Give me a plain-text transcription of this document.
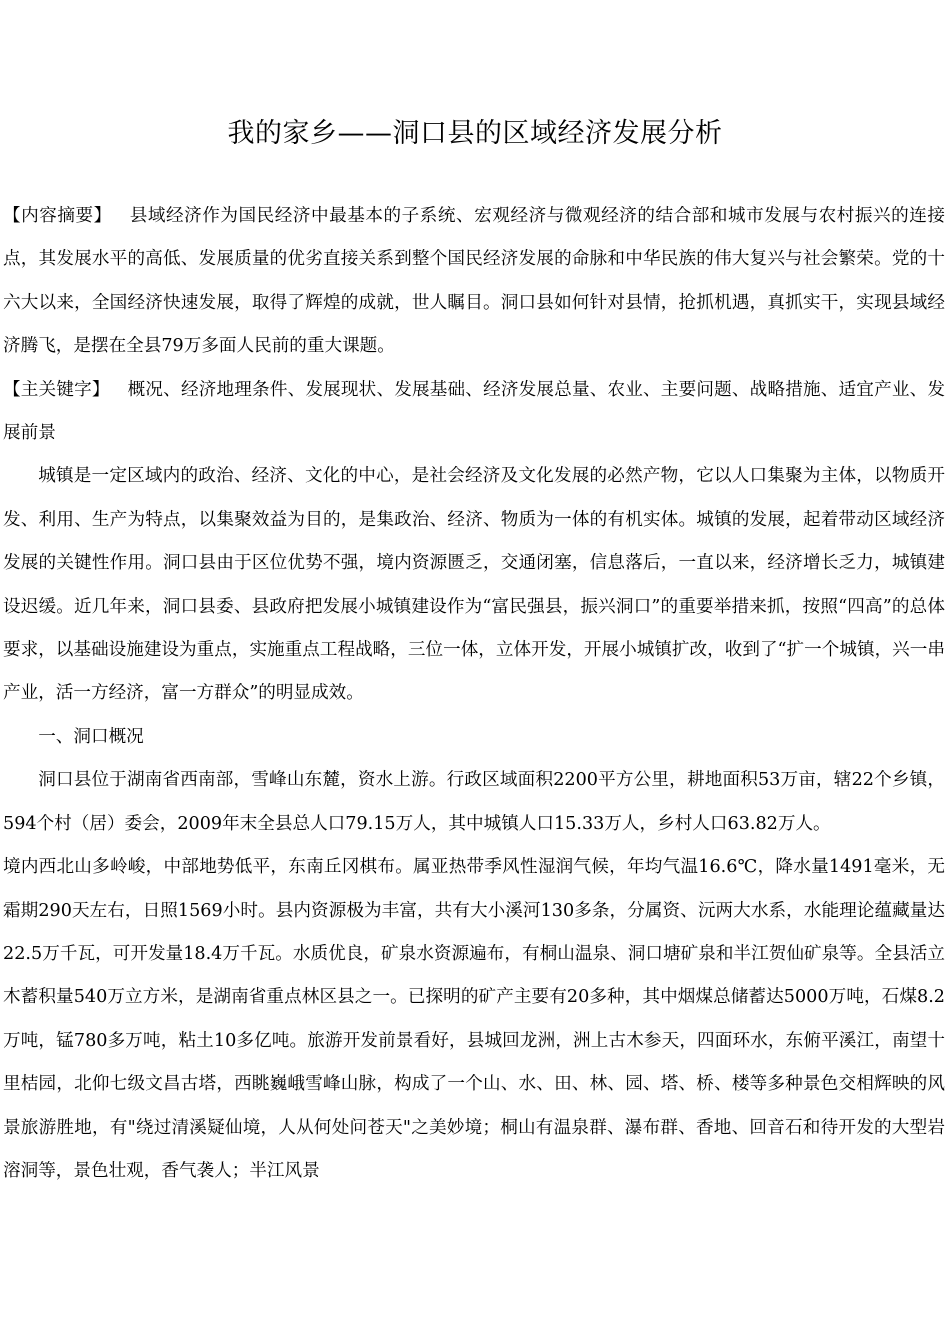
我的家乡——洞口县的区域经济发展分析

【内容摘要】 县域经济作为国民经济中最基本的子系统、宏观经济与微观经济的结合部和城市发展与农村振兴的连接点，其发展水平的高低、发展质量的优劣直接关系到整个国民经济发展的命脉和中华民族的伟大复兴与社会繁荣。党的十六大以来，全国经济快速发展，取得了辉煌的成就，世人瞩目。洞口县如何针对县情，抢抓机遇，真抓实干，实现县域经济腾飞，是摆在全县79万多面人民前的重大课题。

【主关键字】 概况、经济地理条件、发展现状、发展基础、经济发展总量、农业、主要问题、战略措施、适宜产业、发展前景

城镇是一定区域内的政治、经济、文化的中心，是社会经济及文化发展的必然产物，它以人口集聚为主体，以物质开发、利用、生产为特点，以集聚效益为目的，是集政治、经济、物质为一体的有机实体。城镇的发展，起着带动区域经济发展的关键性作用。洞口县由于区位优势不强，境内资源匮乏，交通闭塞，信息落后，一直以来，经济增长乏力，城镇建设迟缓。近几年来，洞口县委、县政府把发展小城镇建设作为“富民强县，振兴洞口”的重要举措来抓，按照“四高”的总体要求，以基础设施建设为重点，实施重点工程战略，三位一体，立体开发，开展小城镇扩改，收到了“扩一个城镇，兴一串产业，活一方经济，富一方群众”的明显成效。

一、洞口概况

洞口县位于湖南省西南部，雪峰山东麓，资水上游。行政区域面积2200平方公里，耕地面积53万亩，辖22个乡镇，594个村（居）委会，2009年末全县总人口79.15万人，其中城镇人口15.33万人，乡村人口63.82万人。

境内西北山多岭峻，中部地势低平，东南丘冈棋布。属亚热带季风性湿润气候，年均气温16.6℃，降水量1491毫米，无霜期290天左右，日照1569小时。县内资源极为丰富，共有大小溪河130多条，分属资、沅两大水系，水能理论蕴藏量达22.5万千瓦，可开发量18.4万千瓦。水质优良，矿泉水资源遍布，有桐山温泉、洞口塘矿泉和半江贺仙矿泉等。全县活立木蓄积量540万立方米，是湖南省重点林区县之一。已探明的矿产主要有20多种，其中烟煤总储蓄达5000万吨，石煤8.2万吨，锰780多万吨，粘土10多亿吨。旅游开发前景看好，县城回龙洲，洲上古木参天，四面环水，东俯平溪江，南望十里桔园，北仰七级文昌古塔，西眺巍峨雪峰山脉，构成了一个山、水、田、林、园、塔、桥、楼等多种景色交相辉映的风景旅游胜地，有"绕过清溪疑仙境，人从何处问苍天"之美妙境；桐山有温泉群、瀑布群、香地、回音石和待开发的大型岩溶洞等，景色壮观，香气袭人；半江风景
